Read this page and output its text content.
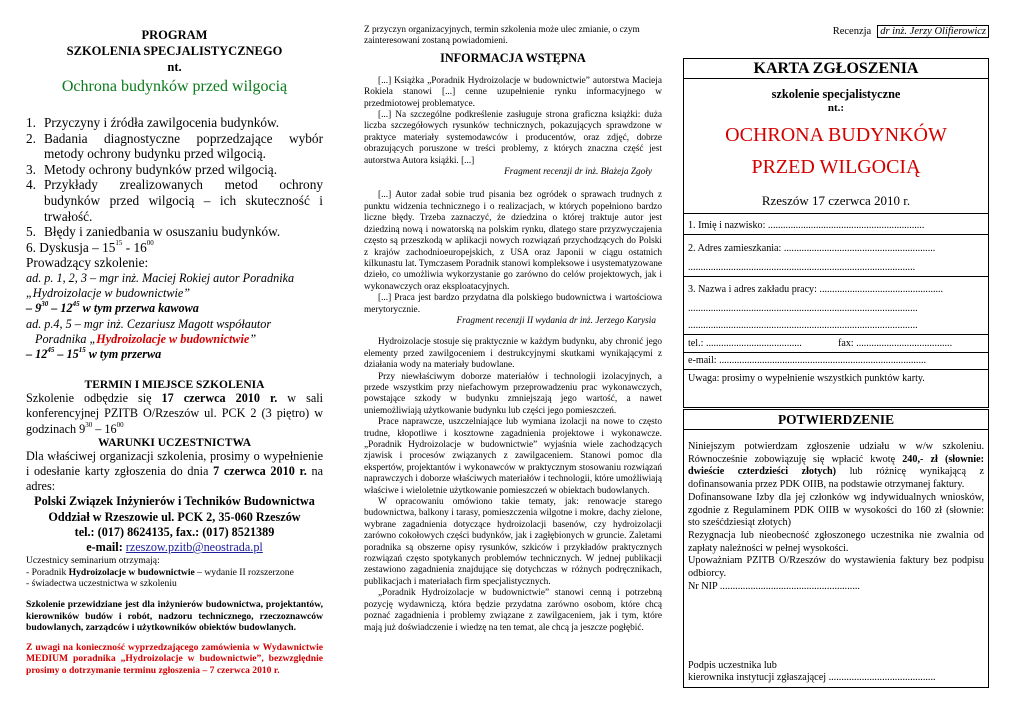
PROGRAM
SZKOLENIA SPECJALISTYCZNEGO
nt.
Ochrona budynków przed wilgocią
1. Przyczyny i źródła zawilgocenia budynków.
2. Badania diagnostyczne poprzedzające wybór metody ochrony budynku przed wilgocią.
3. Metody ochrony budynków przed wilgocią.
4. Przykłady zrealizowanych metod ochrony budynków przed wilgocią – ich skuteczność i trwałość.
5. Błędy i zaniedbania w osuszaniu budynków.
6. Dyskusja – $15^{15} - 16^{00}$
Prowadzący szkolenie:
ad. p. 1, 2, 3 – mgr inż. Maciej Rokiej autor Poradnika „Hydroizolacje w budownictwie”
– $9^{30} - 12^{45}$ w tym przerwa kawowa
ad. p.4, 5 – mgr inż. Cezariusz Magott współautor
Poradnika „Hydroizolacje w budownictwie”
– $12^{45} - 15^{15}$ w tym przerwa
TERMIN I MIEJSCE SZKOLENIA
Szkolenie odbędzie się 17 czerwca 2010 r. w sali konferencyjnej PZITB O/Rzeszów ul. PCK 2 (3 piętro) w godzinach $9^{30} - 16^{00}$
WARUNKI UCZESTNICTWA
Dla właściwej organizacji szkolenia, prosimy o wypełnienie i odesłanie karty zgłoszenia do dnia 7 czerwca 2010 r. na adres:
Polski Związek Inżynierów i Techników Budownictwa
Oddział w Rzeszowie ul. PCK 2, 35-060 Rzeszów
tel.: (017) 8624135, fax.: (017) 8521389
e-mail: rzeszow.pzitb@neostrada.pl
Uczestnicy seminarium otrzymają:
- Poradnik Hydroizolacje w budownictwie – wydanie II rozszerzone
- świadectwa uczestnictwa w szkoleniu
Szkolenie przewidziane jest dla inżynierów budownictwa, projektantów, kierowników budów i robót, nadzoru technicznego, rzeczoznawców budowlanych, zarządców i użytkowników obiektów budowlanych.
Z uwagi na konieczność wyprzedzającego zamówienia w Wydawnictwie MEDIUM poradnika „Hydroizolacje w budownictwie”, bezwzględnie prosimy o dotrzymanie terminu zgłoszenia – 7 czerwca 2010 r.
Z przyczyn organizacyjnych, termin szkolenia może ulec zmianie, o czym zainteresowani zostaną powiadomieni.
INFORMACJA WSTĘPNA
[...] Książka „Poradnik Hydroizolacje w budownictwie” autorstwa Macieja Rokiela stanowi [...] cenne uzupełnienie rynku informacyjnego w przedmiotowej problematyce.
[...] Na szczególne podkreślenie zasługuje strona graficzna książki: duża liczba szczegółowych rysunków technicznych, pokazujących sprawdzone w praktyce materiały systemodawców i producentów, oraz zdjęć, dobrze obrazujących poruszone w treści problemy, z których znaczna część jest autorstwa Autora książki. [...]
Fragment recenzji dr inż. Błażeja Zgoły
[...] Autor zadał sobie trud pisania bez ogródek o sprawach trudnych z punktu widzenia technicznego i o realizacjach, w których popełniono bardzo liczne błędy. Trzeba zaznaczyć, że dziedzina o której traktuje autor jest dziedziną nową i nowatorską na polskim rynku, dlatego stare przyzwyczajenia często są przeszkodą w aplikacji nowych rozwiązań przychodzących do Polski z krajów zachodnioeuropejskich, z USA oraz Japonii w ciągu ostatnich kilkunastu lat. Tymczasem Poradnik stanowi kompleksowe i usystematyzowane dzieło, co umożliwia wykorzystanie go zarówno do celów projektowych, jak i wykonawczych oraz eksploatacyjnych.
[...] Praca jest bardzo przydatna dla polskiego budownictwa i wartościowa merytorycznie.
Fragment recenzji II wydania dr inż. Jerzego Karysia
Hydroizolacje stosuje się praktycznie w każdym budynku, aby chronić jego elementy przed zawilgoceniem i destrukcyjnymi skutkami wynikającymi z działania wody na materiały budowlane.
Przy niewłaściwym doborze materiałów i technologii izolacyjnych, a przede wszystkim przy niefachowym przeprowadzeniu prac wykonawczych, powstające szkody w budynku zmniejszają jego wartość, a nawet uniemożliwiają użytkowanie budynku lub części jego pomieszczeń.
Prace naprawcze, uszczelniające lub wymiana izolacji na nowe to często trudne, kłopotliwe i kosztowne zagadnienia projektowe i wykonawcze. „Poradnik Hydroizolacje w budownictwie” wyjaśnia wiele zachodzących zjawisk i procesów związanych z zawilgaceniem. Stanowi pomoc dla ekspertów, projektantów i wykonawców w praktycznym stosowaniu rozwiązań naprawczych i doborze właściwych materiałów i technologii, które umożliwiają właściwe i wieloletnie użytkowanie pomieszczeń w obiektach budowlanych.
W opracowaniu omówiono takie tematy, jak: renowacje starego budownictwa, balkony i tarasy, pomieszczenia wilgotne i mokre, dachy zielone, wybrane zagadnienia dotyczące hydroizolacji basenów, czy hydroizolacji zarówno cokołowych części budynków, jak i zagłębionych w gruncie. Zaletami poradnika są obszerne opisy rysunków, szkiców i przykładów praktycznych rozwiązań często spotykanych problemów technicznych. W jednej publikacji zestawiono zagadnienia znajdujące się dotychczas w różnych podręcznikach, publikacjach i materiałach firm specjalistycznych.
„Poradnik Hydroizolacje w budownictwie” stanowi cenną i potrzebną pozycję wydawniczą, która będzie przydatna zarówno osobom, które chcą poznać zagadnienia i problemy związane z zawilgaceniem, jak i tym, które mają już doświadczenie i wiedzę na ten temat, ale chcą ja jeszcze pogłębić.
Recenzja dr inż. Jerzy Olifierowicz
KARTA ZGŁOSZENIA
szkolenie specjalistyczne
nt.:
OCHRONA BUDYNKÓW
PRZED WILGOCIĄ
Rzeszów 17 czerwca 2010 r.
1. Imię i nazwisko: ..............................................................
2. Adres zamieszkania: ............................................................
..........................................................................................
3. Nazwa i adres zakładu pracy: .................................................
...........................................................................................
...........................................................................................
tel.: ......................................	fax: ......................................
e-mail: ..................................................................................
Uwaga: prosimy o wypełnienie wszystkich punktów karty.
POTWIERDZENIE
Niniejszym potwierdzam zgłoszenie udziału w w/w szkoleniu. Równocześnie zobowiązuję się wpłacić kwotę 240,- zł (słownie: dwieście czterdzieści złotych) lub różnicę wynikającą z dofinansowania przez PDK OIIB, na podstawie otrzymanej faktury.
Dofinansowane Izby dla jej członków wg indywidualnych wniosków, zgodnie z Regulaminem PDK OIIB w wysokości do 160 zł (słownie: sto sześćdziesiąt złotych)
Rezygnacja lub nieobecność zgłoszonego uczestnika nie zwalnia od zapłaty należności w pełnej wysokości.
Upoważniam PZITB O/Rzeszów do wystawienia faktury bez podpisu odbiorcy.
Nr NIP .......................................................
Podpis uczestnika lub
kierownika instytucji zgłaszającej ..........................................
